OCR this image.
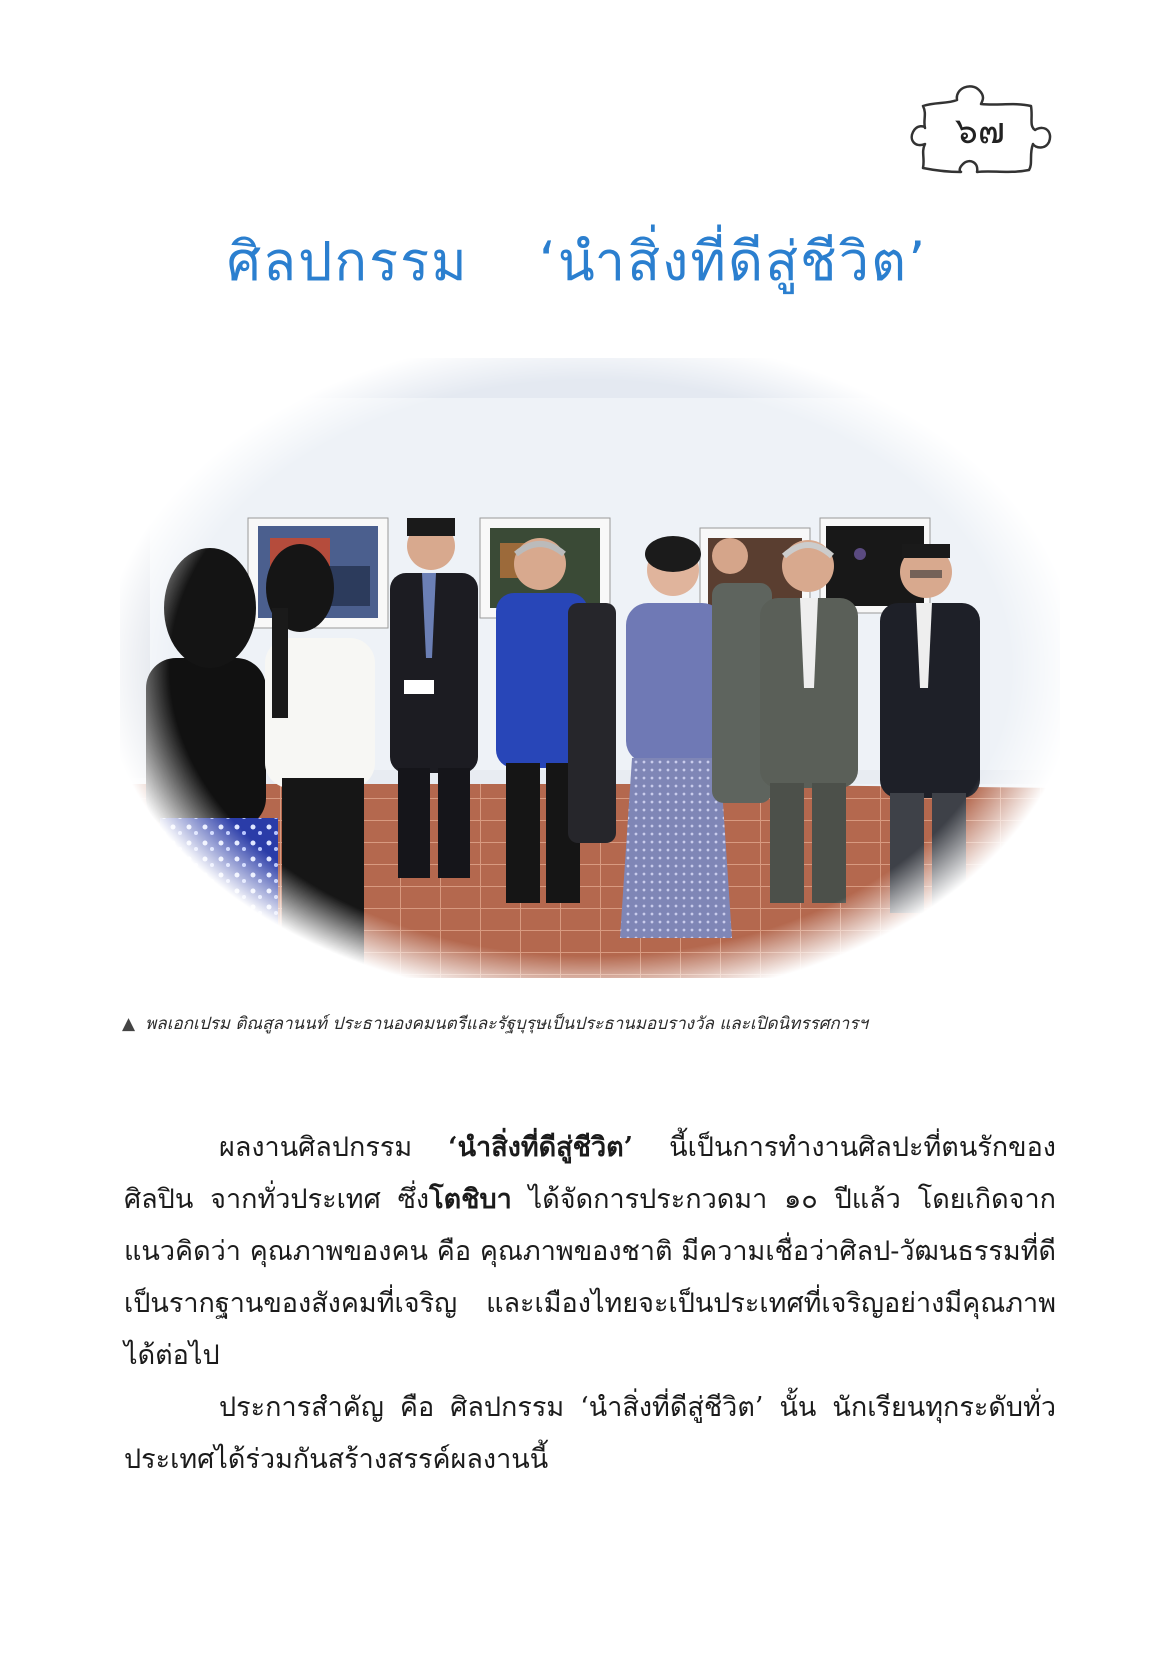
๖๗
ศิลปกรรม ‘นำสิ่งที่ดีสู่ชีวิต’
▲ พลเอกเปรม ติณสูลานนท์ ประธานองคมนตรีและรัฐบุรุษเป็นประธานมอบรางวัล และเปิดนิทรรศการฯ

ผลงานศิลปกรรม ‘นำสิ่งที่ดีสู่ชีวิต’ นี้เป็นการทำงานศิลปะที่ตนรักของศิลปิน จากทั่วประเทศ ซึ่งโตชิบา ได้จัดการประกวดมา ๑๐ ปีแล้ว โดยเกิดจากแนวคิดว่า คุณภาพของคน คือ คุณภาพของชาติ มีความเชื่อว่าศิลป-วัฒนธรรมที่ดีเป็นรากฐานของสังคมที่เจริญ และเมืองไทยจะเป็นประเทศที่เจริญอย่างมีคุณภาพได้ต่อไป

ประการสำคัญ คือ ศิลปกรรม ‘นำสิ่งที่ดีสู่ชีวิต’ นั้น นักเรียนทุกระดับทั่วประเทศได้ร่วมกันสร้างสรรค์ผลงานนี้
